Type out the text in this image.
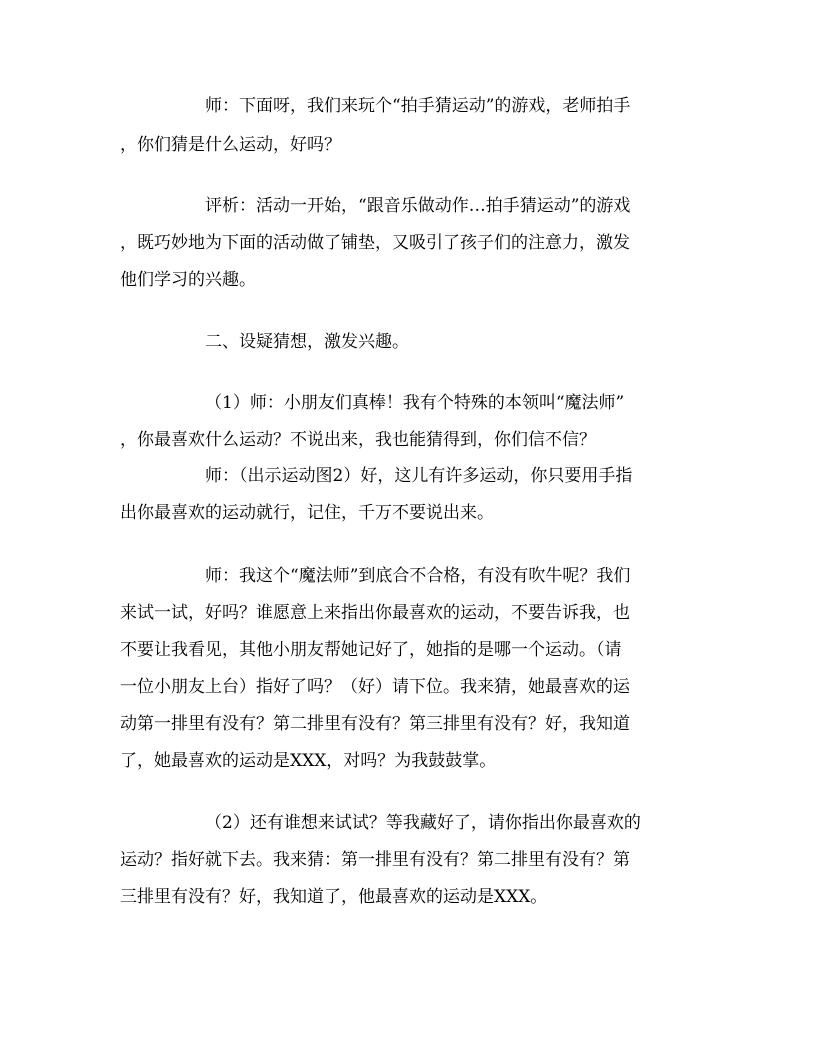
师：下面呀，我们来玩个“拍手猜运动”的游戏，老师拍手
，你们猜是什么运动，好吗？
评析：活动一开始，“跟音乐做动作…拍手猜运动”的游戏
，既巧妙地为下面的活动做了铺垫，又吸引了孩子们的注意力，激发
他们学习的兴趣。
二、设疑猜想，激发兴趣。
（1）师：小朋友们真棒！我有个特殊的本领叫“魔法师”
，你最喜欢什么运动？不说出来，我也能猜得到，你们信不信？
师：（出示运动图2）好，这儿有许多运动，你只要用手指
出你最喜欢的运动就行，记住，千万不要说出来。
师：我这个“魔法师”到底合不合格，有没有吹牛呢？我们
来试一试，好吗？谁愿意上来指出你最喜欢的运动，不要告诉我，也
不要让我看见，其他小朋友帮她记好了，她指的是哪一个运动。（请
一位小朋友上台）指好了吗？（好）请下位。我来猜，她最喜欢的运
动第一排里有没有？第二排里有没有？第三排里有没有？好，我知道
了，她最喜欢的运动是XXX，对吗？为我鼓鼓掌。
（2）还有谁想来试试？等我藏好了，请你指出你最喜欢的
运动？指好就下去。我来猜：第一排里有没有？第二排里有没有？第
三排里有没有？好，我知道了，他最喜欢的运动是XXX。
